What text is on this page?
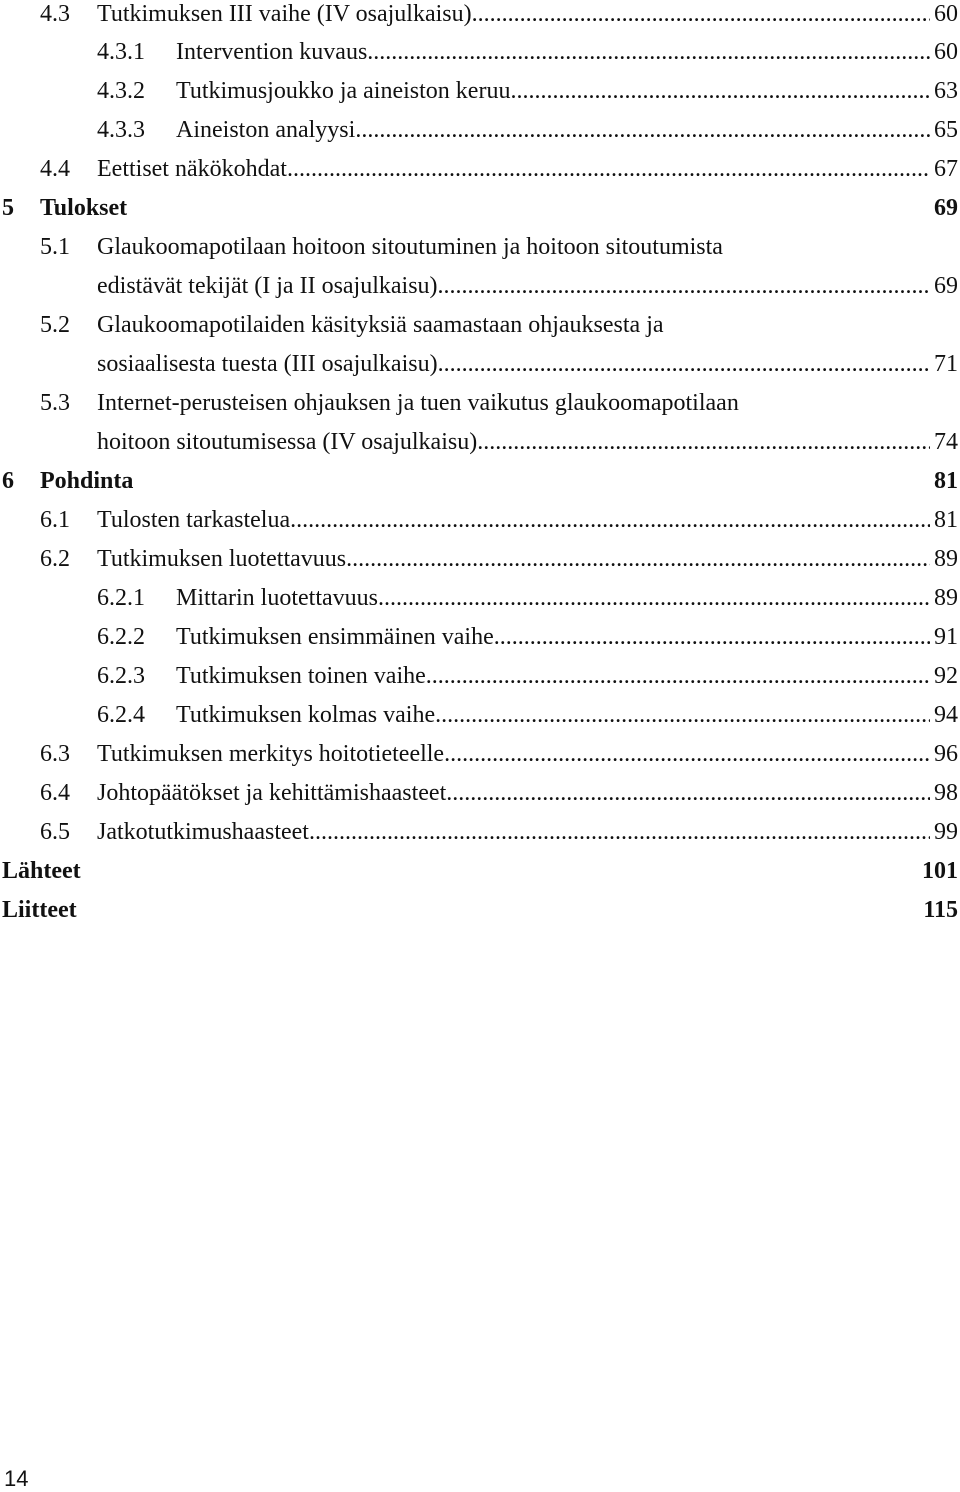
4.3 Tutkimuksen III vaihe (IV osajulkaisu) .....	60
4.3.1 Intervention kuvaus .....	60
4.3.2 Tutkimusjoukko ja aineiston keruu .....	63
4.3.3 Aineiston analyysi .....	65
4.4 Eettiset näkökohdat .....	67
5 Tulokset	69
5.1 Glaukoomapotilaan hoitoon sitoutuminen ja hoitoon sitoutumista
edistävät tekijät (I ja II osajulkaisu) .....	69
5.2 Glaukoomapotilaiden käsityksiä saamastaan ohjauksesta ja
sosiaalisesta tuesta (III osajulkaisu) .....	71
5.3 Internet-perusteisen ohjauksen ja tuen vaikutus glaukoomapotilaan
hoitoon sitoutumisessa (IV osajulkaisu) .....	74
6 Pohdinta	81
6.1 Tulosten tarkastelua .....	81
6.2 Tutkimuksen luotettavuus .....	89
6.2.1 Mittarin luotettavuus .....	89
6.2.2 Tutkimuksen ensimmäinen vaihe .....	91
6.2.3 Tutkimuksen toinen vaihe .....	92
6.2.4 Tutkimuksen kolmas vaihe .....	94
6.3 Tutkimuksen merkitys hoitotieteelle .....	96
6.4 Johtopäätökset ja kehittämishaasteet .....	98
6.5 Jatkotutkimushaasteet .....	99
Lähteet	101
Liitteet	115
14
